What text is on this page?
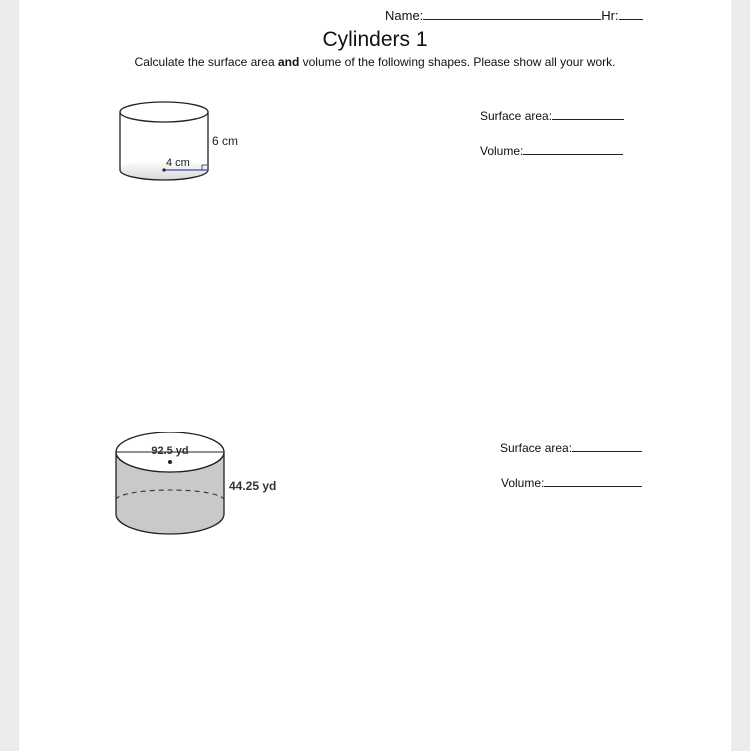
Name:	Hr:
Cylinders 1
Calculate the surface area and volume of the following shapes. Please show all your work.
4 cm
6 cm
Surface area:
Volume:
92.5 yd
44.25 yd
Surface area:
Volume:
